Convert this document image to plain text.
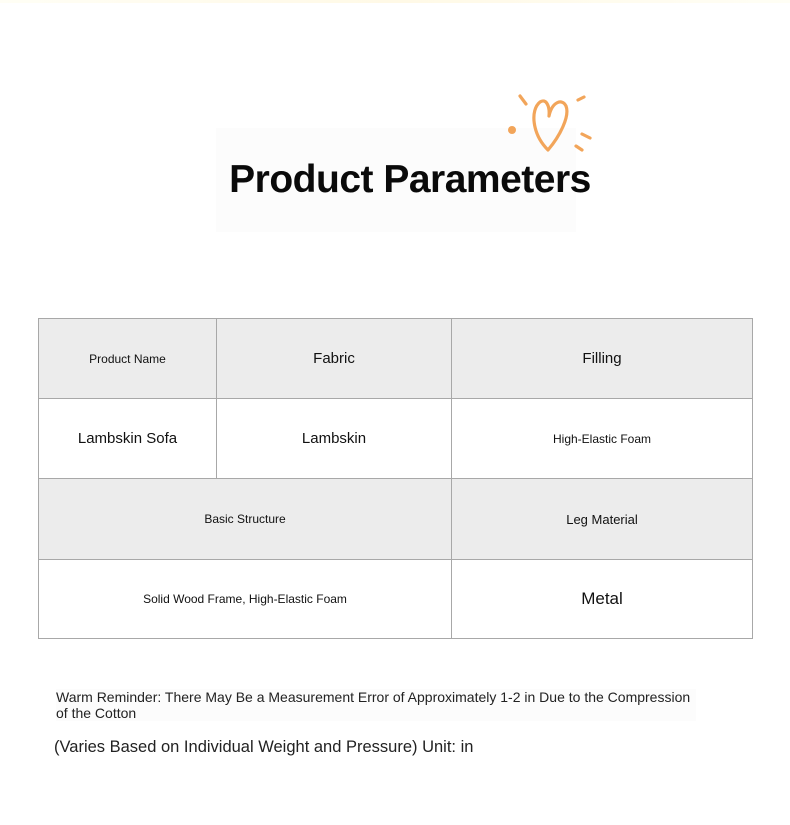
Product Parameters
Product Name	Fabric	Filling
Lambskin Sofa	Lambskin	High-Elastic Foam
Basic Structure		Leg Material
Solid Wood Frame, High-Elastic Foam		Metal
Warm Reminder: There May Be a Measurement Error of Approximately 1-2 in Due to the Compression of the Cotton
(Varies Based on Individual Weight and Pressure) Unit: in
